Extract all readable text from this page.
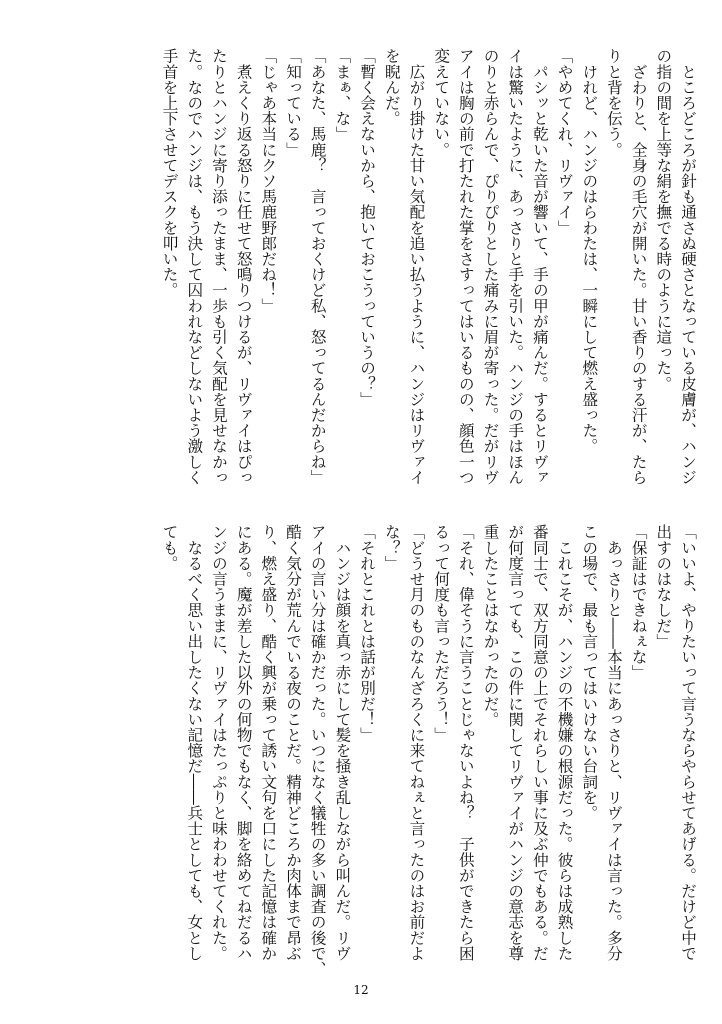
　ところどころが針も通さぬ硬さとなっている皮膚が、ハンジ

の指の間を上等な絹を撫でる時のように這った。

　ざわりと、全身の毛穴が開いた。甘い香りのする汗が、たら

りと背を伝う。

　けれど、ハンジのはらわたは、一瞬にして燃え盛った。

「やめてくれ、リヴァイ」

　パシッと乾いた音が響いて、手の甲が痛んだ。するとリヴァ

イは驚いたように、あっさりと手を引いた。ハンジの手はほん

のりと赤らんで、ぴりぴりとした痛みに眉が寄った。だがリヴ

アイは胸の前で打たれた掌をさすってはいるものの、顔色一つ

変えていない。

　広がり掛けた甘い気配を追い払うように、ハンジはリヴァイ

を睨んだ。

「暫く会えないから、抱いておこうっていうの？」

「まぁ、な」

「あなた、馬鹿？　言っておくけど私、怒ってるんだからね」

「知っている」

「じゃあ本当にクソ馬鹿野郎だね！」

　煮えくり返る怒りに任せて怒鳴りつけるが、リヴァイはぴっ

たりとハンジに寄り添ったまま、一歩も引く気配を見せなかっ

た。なのでハンジは、もう決して囚われなどしないよう激しく

手首を上下させてデスクを叩いた。

「いいよ、やりたいって言うならやらせてあげる。だけど中で

出すのはなしだ」

「保証はできねぇな」

　あっさりと――本当にあっさりと、リヴァイは言った。多分

この場で、最も言ってはいけない台詞を。

　これこそが、ハンジの不機嫌の根源だった。彼らは成熟した

番同士で、双方同意の上でそれらしい事に及ぶ仲でもある。だ

が何度言っても、この件に関してリヴァイがハンジの意志を尊

重したことはなかったのだ。

「それ、偉そうに言うことじゃないよね？　子供ができたら困

るって何度も言っただろう！」

「どうせ月のものなんざろくに来てねぇと言ったのはお前だよ

な？」

「それとこれとは話が別だ！」

　ハンジは顔を真っ赤にして髪を掻き乱しながら叫んだ。リヴ

アイの言い分は確かだった。いつになく犠牲の多い調査の後で、

酷く気分が荒んでいる夜のことだ。精神どころか肉体まで昂ぶ

り、燃え盛り、酷く興が乗って誘い文句を口にした記憶は確か

にある。魔が差した以外の何物でもなく、脚を絡めてねだるハ

ンジの言うままに、リヴァイはたっぷりと味わわせてくれた。

　なるべく思い出したくない記憶だ――兵士としても、女とし

ても。

12
